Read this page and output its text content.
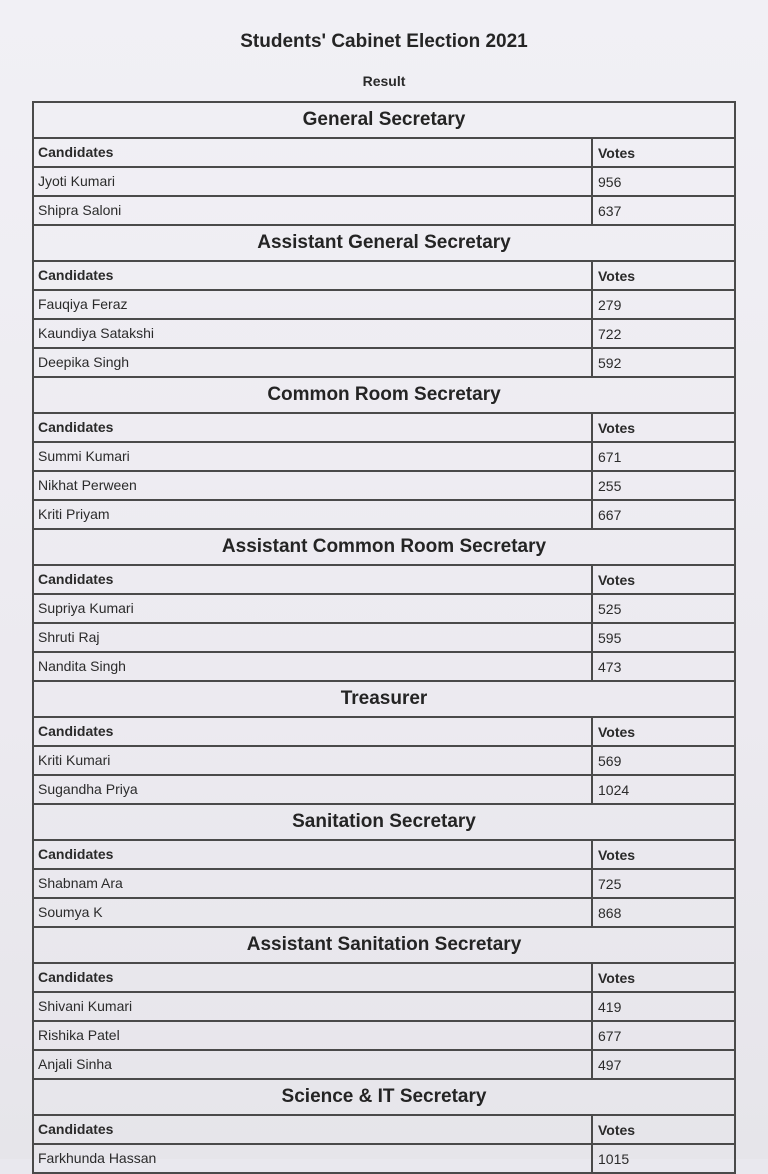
Students' Cabinet Election 2021
Result
General Secretary
Candidates	Votes
Jyoti Kumari	956
Shipra Saloni	637
Assistant General Secretary
Candidates	Votes
Fauqiya Feraz	279
Kaundiya Satakshi	722
Deepika Singh	592
Common Room Secretary
Candidates	Votes
Summi Kumari	671
Nikhat Perween	255
Kriti Priyam	667
Assistant Common Room Secretary
Candidates	Votes
Supriya Kumari	525
Shruti Raj	595
Nandita Singh	473
Treasurer
Candidates	Votes
Kriti Kumari	569
Sugandha Priya	1024
Sanitation Secretary
Candidates	Votes
Shabnam Ara	725
Soumya K	868
Assistant Sanitation Secretary
Candidates	Votes
Shivani Kumari	419
Rishika Patel	677
Anjali Sinha	497
Science & IT Secretary
Candidates	Votes
Farkhunda Hassan	1015
